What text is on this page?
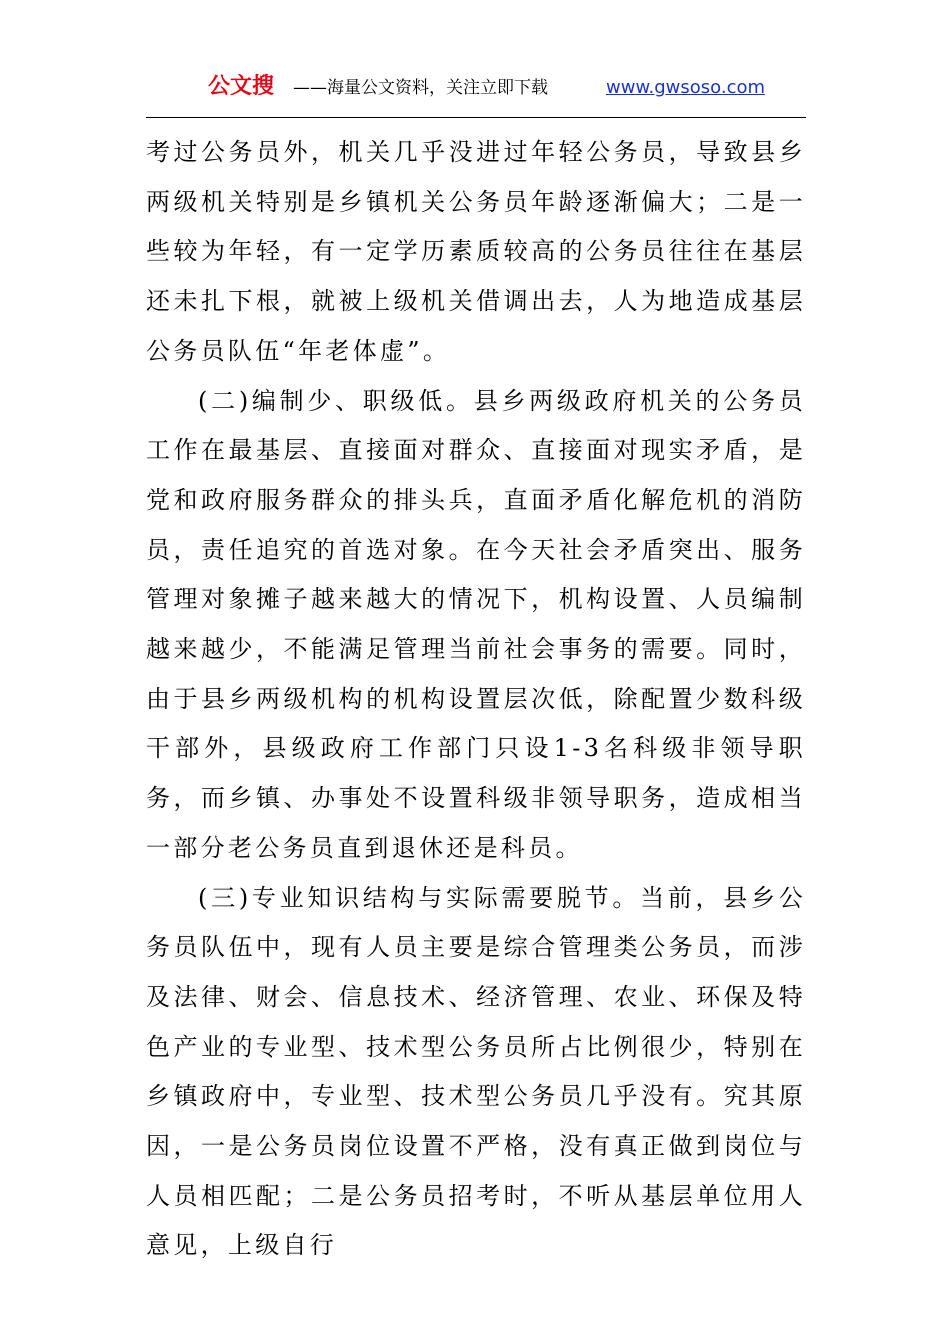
公文搜 ——海量公文资料，关注立即下载	www.gwsoso.com

考过公务员外，机关几乎没进过年轻公务员，导致县乡两级机关特别是乡镇机关公务员年龄逐渐偏大；二是一些较为年轻，有一定学历素质较高的公务员往往在基层还未扎下根，就被上级机关借调出去，人为地造成基层公务员队伍“年老体虚”。

(二)编制少、职级低。县乡两级政府机关的公务员工作在最基层、直接面对群众、直接面对现实矛盾，是党和政府服务群众的排头兵，直面矛盾化解危机的消防员，责任追究的首选对象。在今天社会矛盾突出、服务管理对象摊子越来越大的情况下，机构设置、人员编制越来越少，不能满足管理当前社会事务的需要。同时，由于县乡两级机构的机构设置层次低，除配置少数科级干部外，县级政府工作部门只设1-3名科级非领导职务，而乡镇、办事处不设置科级非领导职务，造成相当一部分老公务员直到退休还是科员。

(三)专业知识结构与实际需要脱节。当前，县乡公务员队伍中，现有人员主要是综合管理类公务员，而涉及法律、财会、信息技术、经济管理、农业、环保及特色产业的专业型、技术型公务员所占比例很少，特别在乡镇政府中，专业型、技术型公务员几乎没有。究其原因，一是公务员岗位设置不严格，没有真正做到岗位与人员相匹配；二是公务员招考时，不听从基层单位用人意见，上级自行
